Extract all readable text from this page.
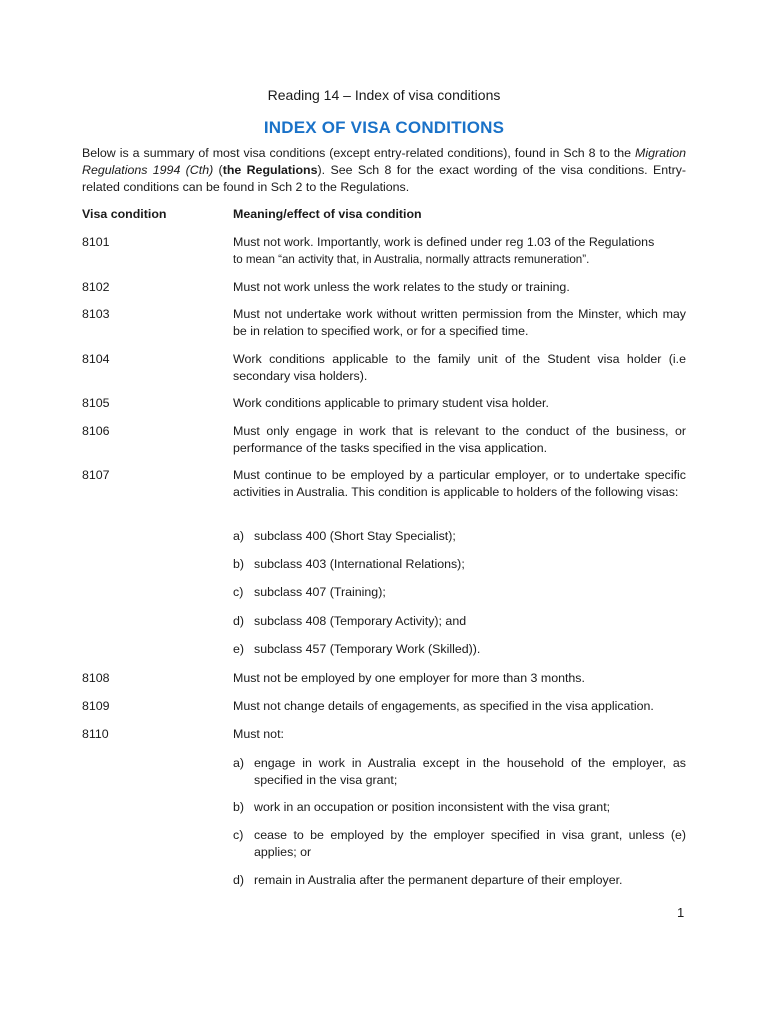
Reading 14 – Index of visa conditions
INDEX OF VISA CONDITIONS
Below is a summary of most visa conditions (except entry-related conditions), found in Sch 8 to the Migration Regulations 1994 (Cth) (the Regulations). See Sch 8 for the exact wording of the visa conditions. Entry-related conditions can be found in Sch 2 to the Regulations.
Visa condition	Meaning/effect of visa condition
8101	Must not work. Importantly, work is defined under reg 1.03 of the Regulations
to mean “an activity that, in Australia, normally attracts remuneration”.
8102	Must not work unless the work relates to the study or training.
8103	Must not undertake work without written permission from the Minster, which may be in relation to specified work, or for a specified time.
8104	Work conditions applicable to the family unit of the Student visa holder (i.e secondary visa holders).
8105	Work conditions applicable to primary student visa holder.
8106	Must only engage in work that is relevant to the conduct of the business, or performance of the tasks specified in the visa application.
8107	Must continue to be employed by a particular employer, or to undertake specific activities in Australia. This condition is applicable to holders of the following visas:
a) subclass 400 (Short Stay Specialist);
b) subclass 403 (International Relations);
c) subclass 407 (Training);
d) subclass 408 (Temporary Activity); and
e) subclass 457 (Temporary Work (Skilled)).
8108	Must not be employed by one employer for more than 3 months.
8109	Must not change details of engagements, as specified in the visa application.
8110	Must not:
a) engage in work in Australia except in the household of the employer, as specified in the visa grant;
b) work in an occupation or position inconsistent with the visa grant;
c) cease to be employed by the employer specified in visa grant, unless (e) applies; or
d) remain in Australia after the permanent departure of their employer.
1
